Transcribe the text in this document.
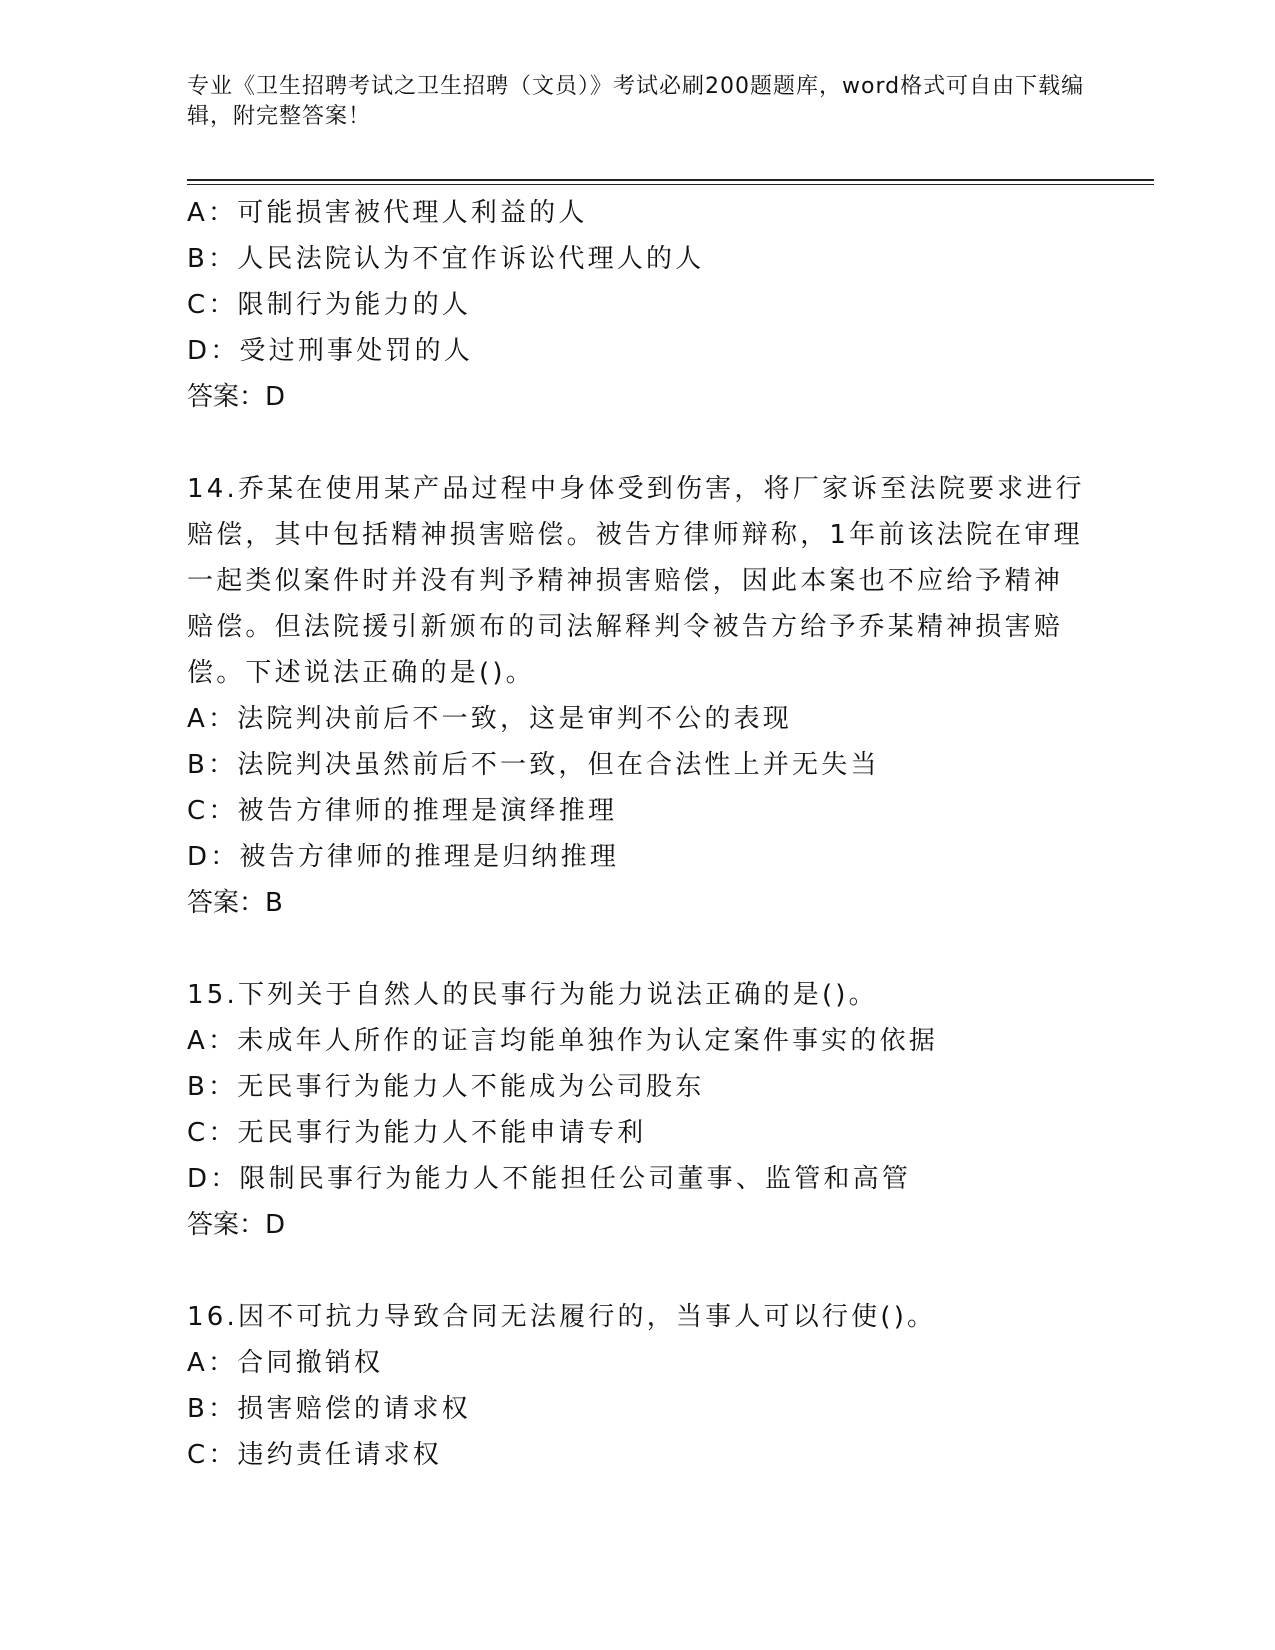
专业《卫生招聘考试之卫生招聘（文员）》考试必刷200题题库，word格式可自由下载编辑，附完整答案！
A：可能损害被代理人利益的人
B：人民法院认为不宜作诉讼代理人的人
C：限制行为能力的人
D：受过刑事处罚的人
答案：D
14.乔某在使用某产品过程中身体受到伤害，将厂家诉至法院要求进行赔偿，其中包括精神损害赔偿。被告方律师辩称，1年前该法院在审理一起类似案件时并没有判予精神损害赔偿，因此本案也不应给予精神赔偿。但法院援引新颁布的司法解释判令被告方给予乔某精神损害赔偿。下述说法正确的是()。
A：法院判决前后不一致，这是审判不公的表现
B：法院判决虽然前后不一致，但在合法性上并无失当
C：被告方律师的推理是演绎推理
D：被告方律师的推理是归纳推理
答案：B
15.下列关于自然人的民事行为能力说法正确的是()。
A：未成年人所作的证言均能单独作为认定案件事实的依据
B：无民事行为能力人不能成为公司股东
C：无民事行为能力人不能申请专利
D：限制民事行为能力人不能担任公司董事、监管和高管
答案：D
16.因不可抗力导致合同无法履行的，当事人可以行使()。
A：合同撤销权
B：损害赔偿的请求权
C：违约责任请求权
